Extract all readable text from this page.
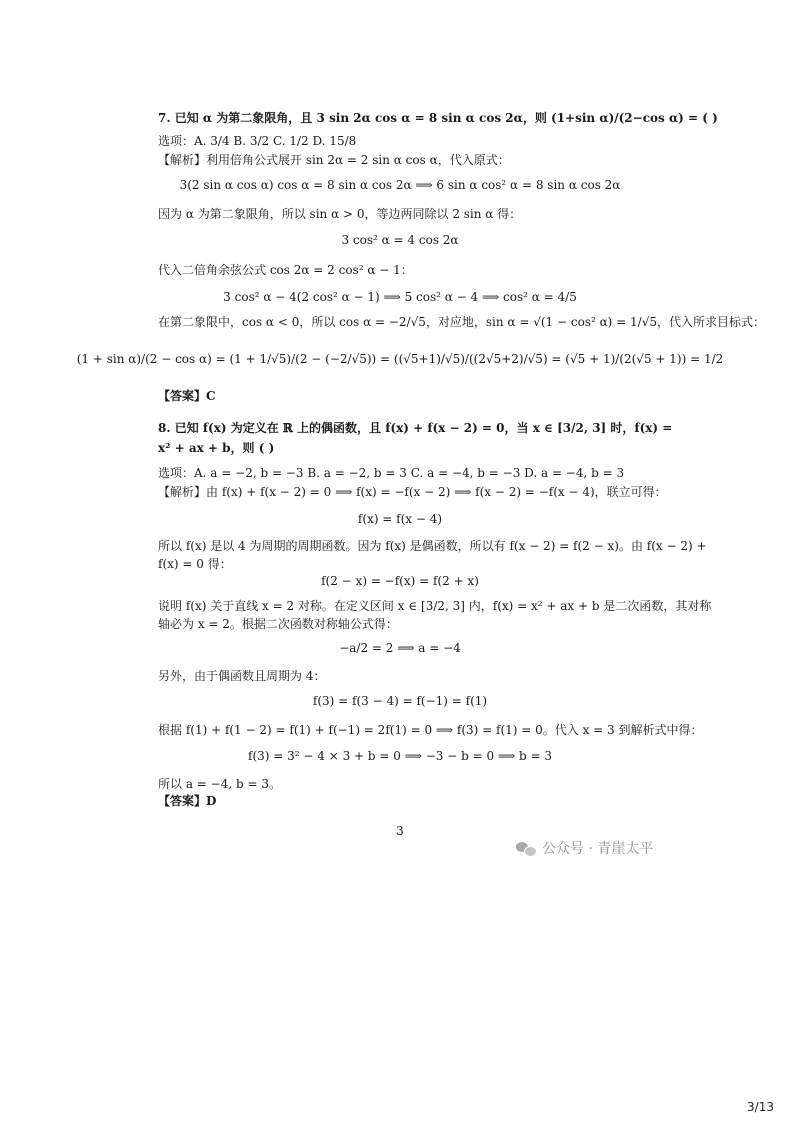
7. 已知 α 为第二象限角，且 3 sin 2α cos α = 8 sin α cos 2α，则 (1+sin α)/(2−cos α) = ( )
选项：A. 3/4 B. 3/2 C. 1/2 D. 15/8
【解析】利用倍角公式展开 sin 2α = 2 sin α cos α，代入原式：
3(2 sin α cos α) cos α = 8 sin α cos 2α ⟹ 6 sin α cos² α = 8 sin α cos 2α
因为 α 为第二象限角，所以 sin α > 0，等边两同除以 2 sin α 得：
3 cos² α = 4 cos 2α
代入二倍角余弦公式 cos 2α = 2 cos² α − 1：
3 cos² α − 4(2 cos² α − 1) ⟹ 5 cos² α − 4 ⟹ cos² α = 4/5
在第二象限中，cos α < 0，所以 cos α = −2/√5，对应地，sin α = √(1 − cos² α) = 1/√5，代入所求目标式：
(1 + sin α)/(2 − cos α) = (1 + 1/√5)/(2 − (−2/√5)) = ((√5+1)/√5)/((2√5+2)/√5) = (√5 + 1)/(2(√5 + 1)) = 1/2
【答案】C
8. 已知 f(x) 为定义在 ℝ 上的偶函数，且 f(x) + f(x − 2) = 0，当 x ∈ [3/2, 3] 时，f(x) =
x² + ax + b，则 ( )
选项：A. a = −2, b = −3 B. a = −2, b = 3 C. a = −4, b = −3 D. a = −4, b = 3
【解析】由 f(x) + f(x − 2) = 0 ⟹ f(x) = −f(x − 2) ⟹ f(x − 2) = −f(x − 4)，联立可得：
f(x) = f(x − 4)
所以 f(x) 是以 4 为周期的周期函数。因为 f(x) 是偶函数，所以有 f(x − 2) = f(2 − x)。由 f(x − 2) +
f(x) = 0 得：
f(2 − x) = −f(x) = f(2 + x)
说明 f(x) 关于直线 x = 2 对称。在定义区间 x ∈ [3/2, 3] 内，f(x) = x² + ax + b 是二次函数，其对称
轴必为 x = 2。根据二次函数对称轴公式得：
−a/2 = 2 ⟹ a = −4
另外，由于偶函数且周期为 4：
f(3) = f(3 − 4) = f(−1) = f(1)
根据 f(1) + f(1 − 2) = f(1) + f(−1) = 2f(1) = 0 ⟹ f(3) = f(1) = 0。代入 x = 3 到解析式中得：
f(3) = 3² − 4 × 3 + b = 0 ⟹ −3 − b = 0 ⟹ b = 3
所以 a = −4, b = 3。
【答案】D
3
公众号 · 青崖太平
3/13
